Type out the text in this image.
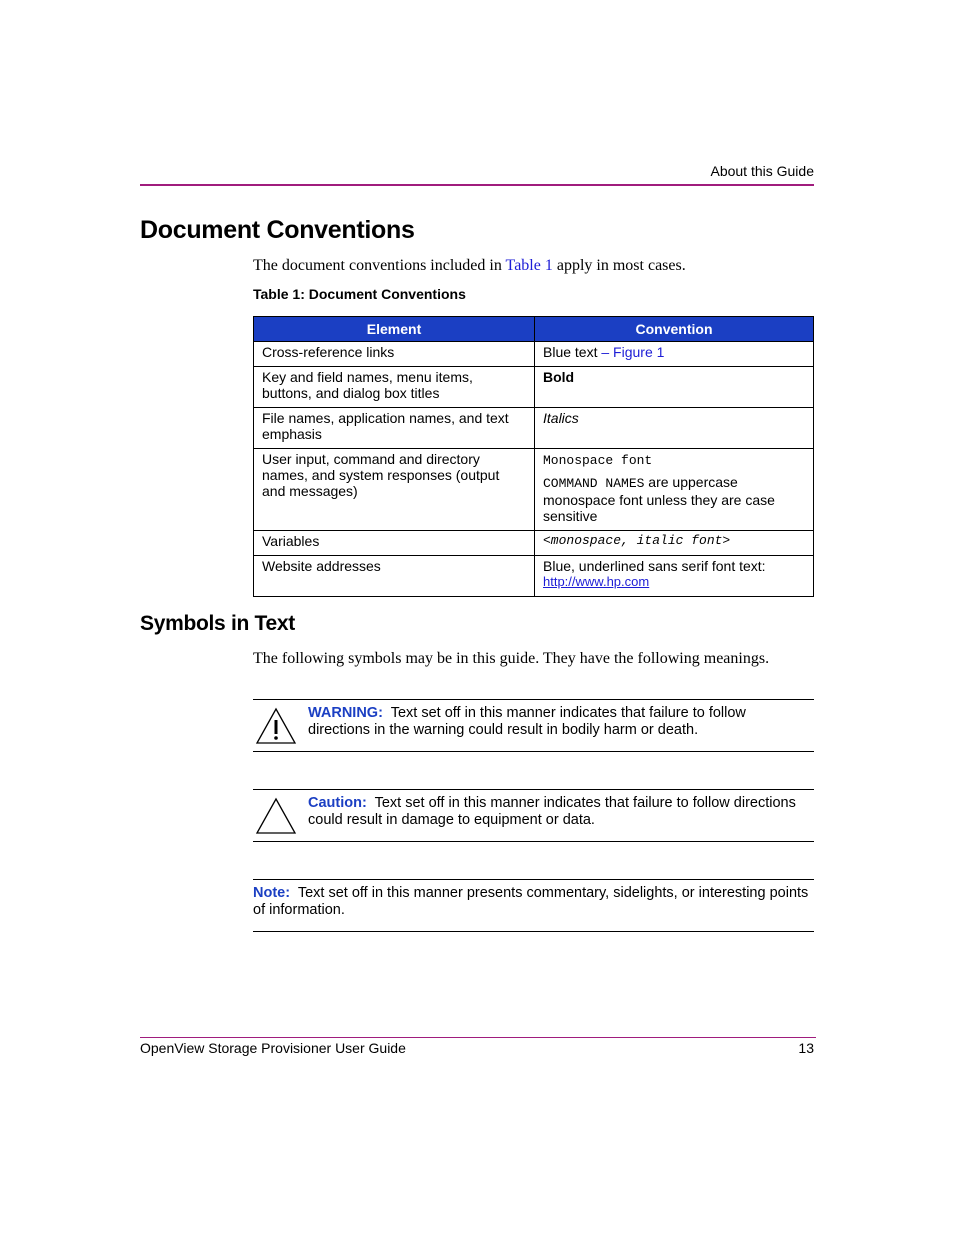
About this Guide
Document Conventions
The document conventions included in Table 1 apply in most cases.
Table 1: Document Conventions
Element	Convention
Cross-reference links	Blue text – Figure 1
Key and field names, menu items, buttons, and dialog box titles	Bold
File names, application names, and text emphasis	Italics
User input, command and directory names, and system responses (output and messages)	Monospace font
COMMAND NAMES are uppercase monospace font unless they are case sensitive

Variables	<monospace, italic font>
Website addresses	Blue, underlined sans serif font text:
http://www.hp.com
Symbols in Text
The following symbols may be in this guide. They have the following meanings.
WARNING: Text set off in this manner indicates that failure to follow directions in the warning could result in bodily harm or death.
Caution: Text set off in this manner indicates that failure to follow directions could result in damage to equipment or data.
Note: Text set off in this manner presents commentary, sidelights, or interesting points of information.
OpenView Storage Provisioner User Guide	13
